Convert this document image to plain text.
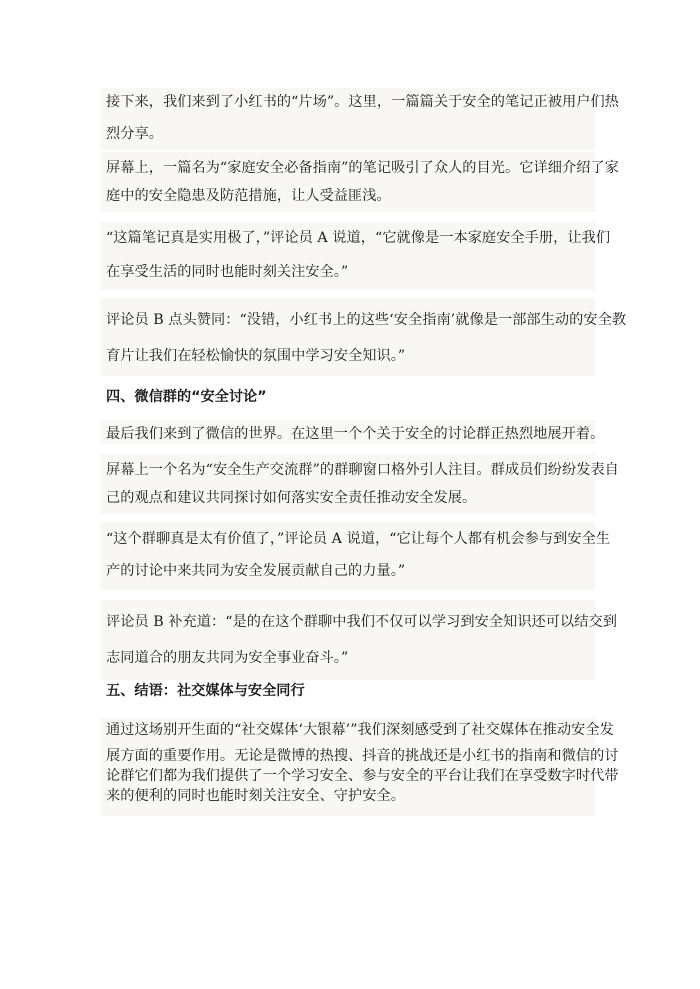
接下来，我们来到了小红书的“片场”。这里，一篇篇关于安全的笔记正被用户们热
烈分享。

屏幕上，一篇名为“家庭安全必备指南”的笔记吸引了众人的目光。它详细介绍了家
庭中的安全隐患及防范措施，让人受益匪浅。

“这篇笔记真是实用极了，”评论员 A 说道，“它就像是一本家庭安全手册，让我们
在享受生活的同时也能时刻关注安全。”

评论员 B 点头赞同：“没错，小红书上的这些‘安全指南’就像是一部部生动的安全教
育片让我们在轻松愉快的氛围中学习安全知识。”

四、微信群的“安全讨论”

最后我们来到了微信的世界。在这里一个个关于安全的讨论群正热烈地展开着。

屏幕上一个名为“安全生产交流群”的群聊窗口格外引人注目。群成员们纷纷发表自
己的观点和建议共同探讨如何落实安全责任推动安全发展。

“这个群聊真是太有价值了，”评论员 A 说道，“它让每个人都有机会参与到安全生
产的讨论中来共同为安全发展贡献自己的力量。”

评论员 B 补充道：“是的在这个群聊中我们不仅可以学习到安全知识还可以结交到
志同道合的朋友共同为安全事业奋斗。”

五、结语：社交媒体与安全同行

通过这场别开生面的“社交媒体‘大银幕’”我们深刻感受到了社交媒体在推动安全发
展方面的重要作用。无论是微博的热搜、抖音的挑战还是小红书的指南和微信的讨
论群它们都为我们提供了一个学习安全、参与安全的平台让我们在享受数字时代带
来的便利的同时也能时刻关注安全、守护安全。
